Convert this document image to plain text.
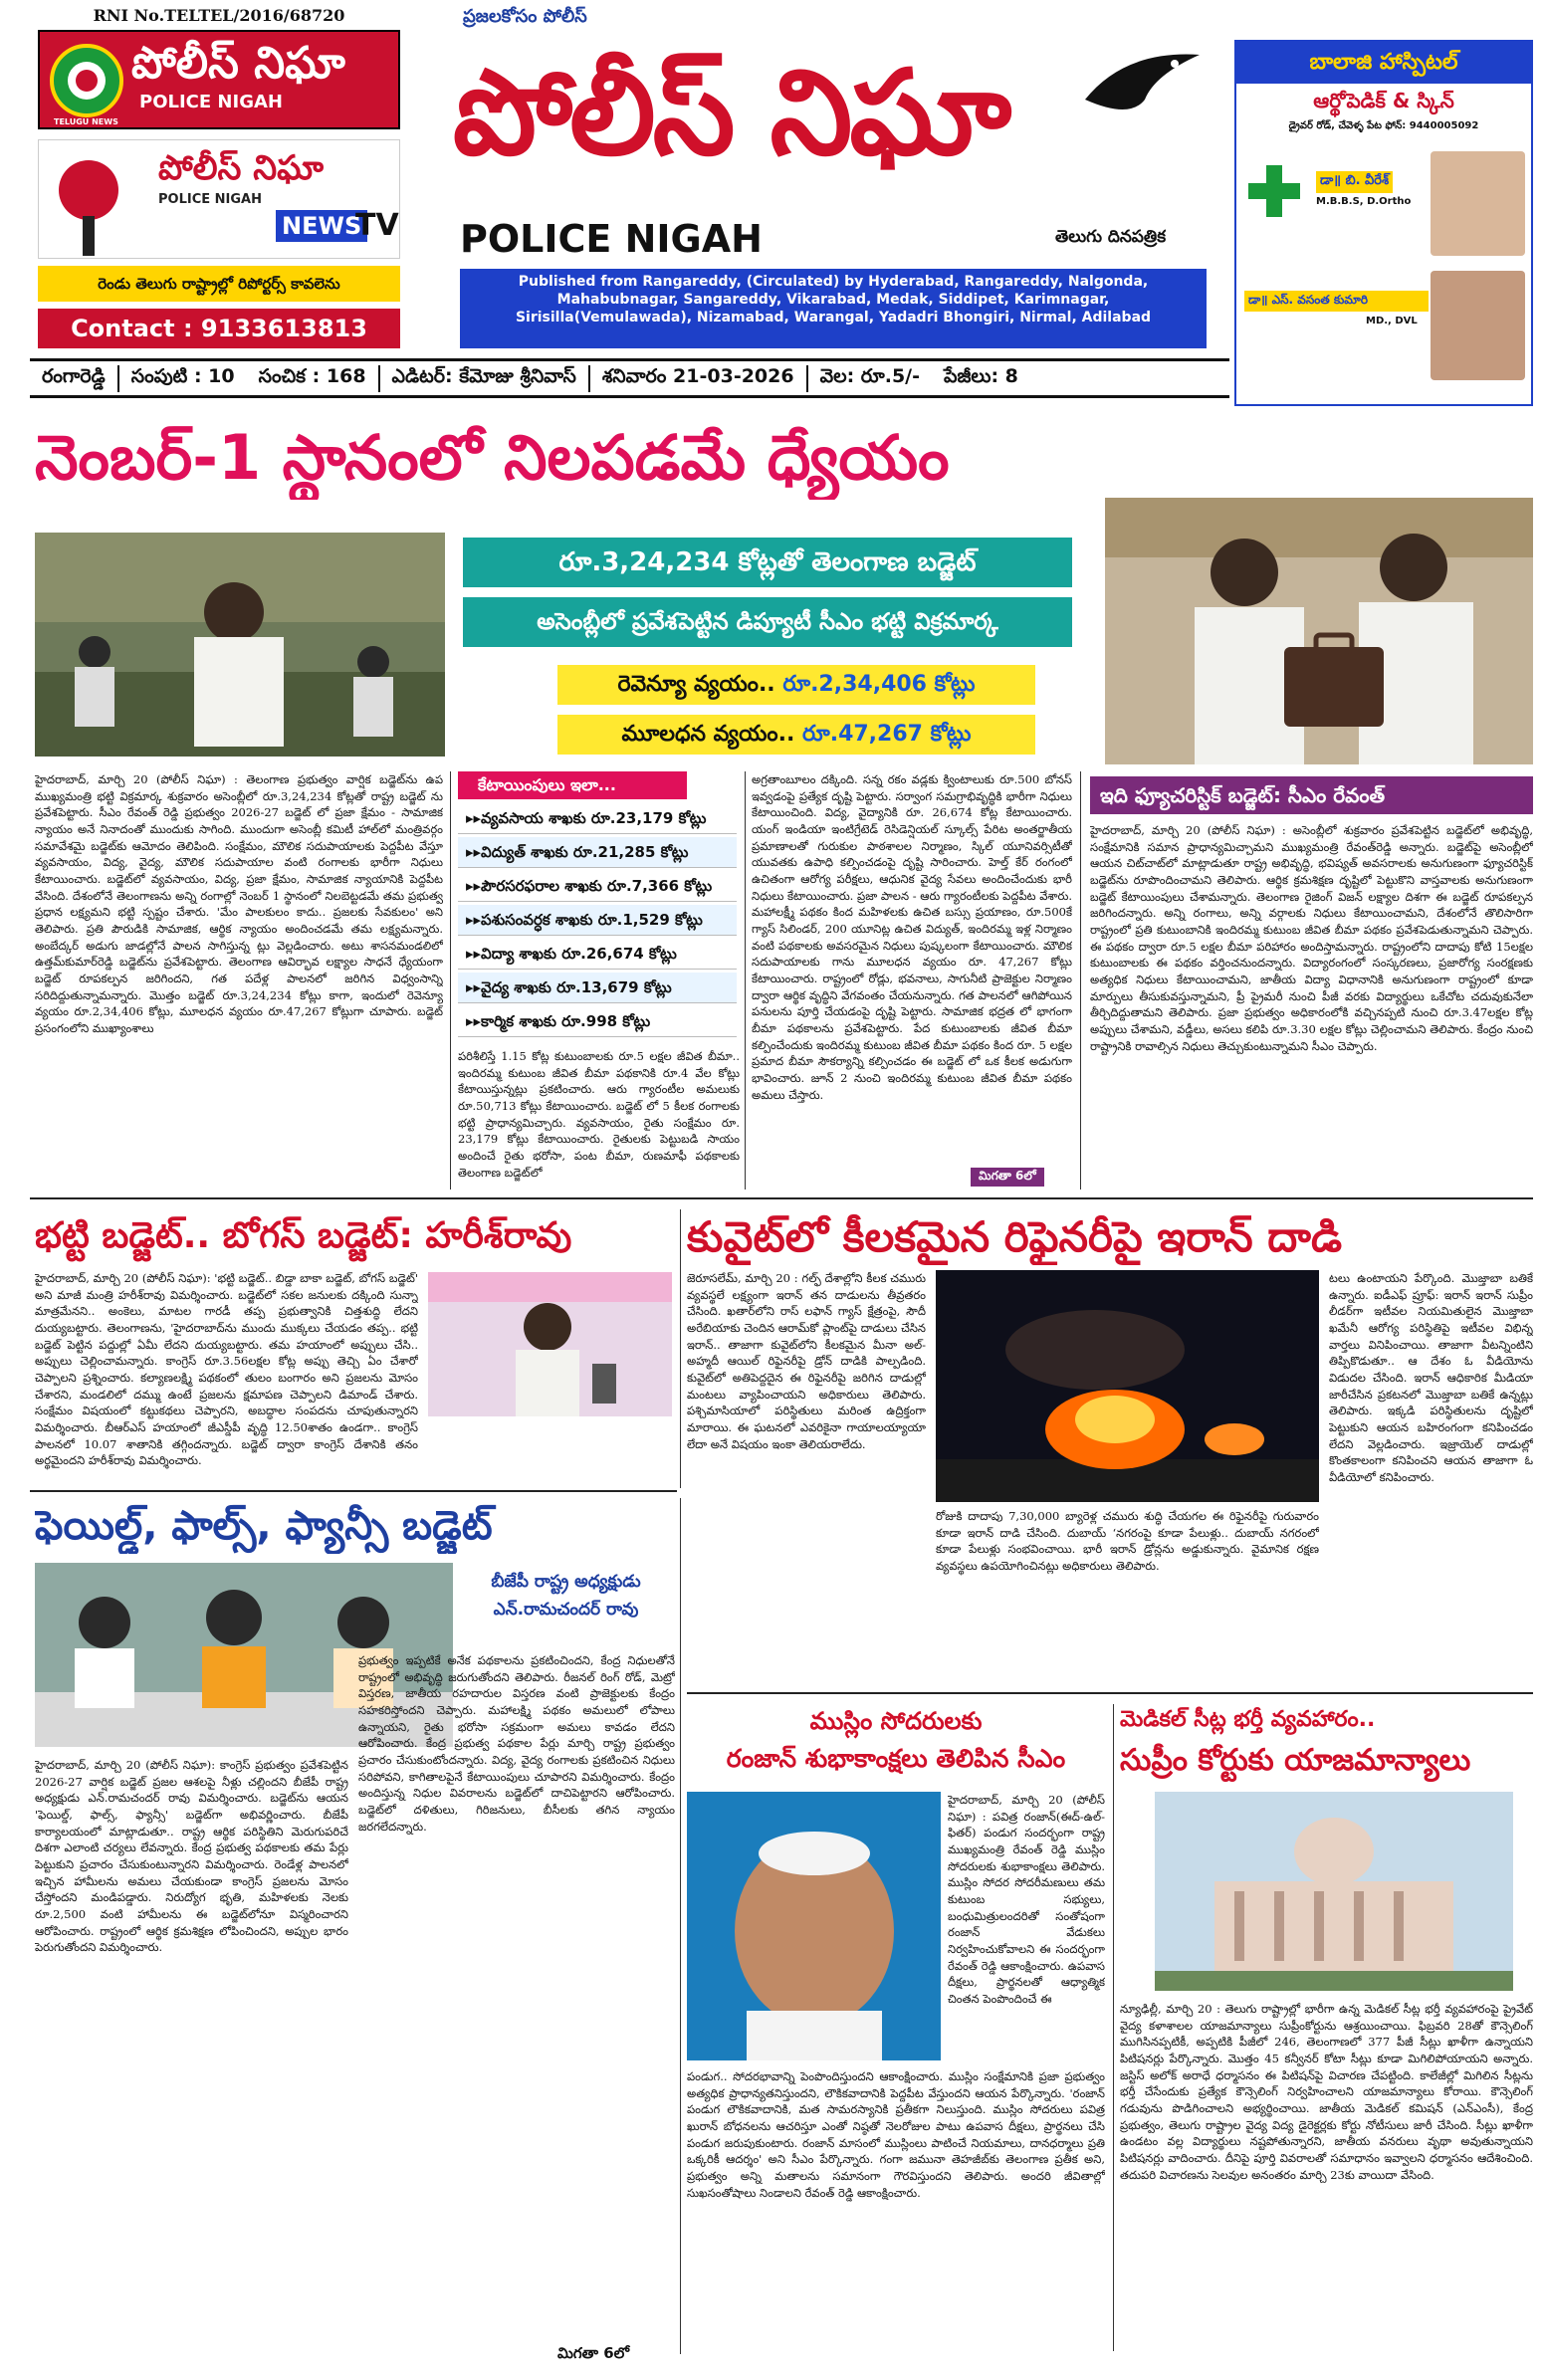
RNI No.TELTEL/2016/68720
పోలీస్ నిఘా
POLICE NIGAH
TELUGU NEWS
పోలీస్ నిఘా
POLICE NIGAH
NEWS
TV
రెండు తెలుగు రాష్ట్రాల్లో రిపోర్టర్స్ కావలెను
Contact : 9133613813
ప్రజలకోసం పోలీస్
పోలీస్ నిఘా
POLICE NIGAH	తెలుగు దినపత్రిక
Published from Rangareddy, (Circulated) by Hyderabad, Rangareddy, Nalgonda, Mahabubnagar, Sangareddy, Vikarabad, Medak, Siddipet, Karimnagar, Sirisilla(Vemulawada), Nizamabad, Warangal, Yadadri Bhongiri, Nirmal, Adilabad
బాలాజి హాస్పిటల్
ఆర్థోపెడిక్ & స్కిన్
డ్రైవర్ రోడ్, చేవెళ్ళ పేట ఫోన్: 9440005092
డా॥ బి. వీరేశ్
M.B.B.S, D.Ortho
డా॥ ఎస్. వసంత కుమారి
MD., DVL
రంగారెడ్డి	సంపుటి : 10	సంచిక : 168	ఎడిటర్: కేమోజు శ్రీనివాస్	శనివారం 21-03-2026	వెల: రూ.5/-	పేజీలు: 8
నెంబర్-1 స్థానంలో నిలపడమే ధ్యేయం
రూ.3,24,234 కోట్లతో తెలంగాణ బడ్జెట్
అసెంబ్లీలో ప్రవేశపెట్టిన డిప్యూటీ సీఎం భట్టి విక్రమార్క
రెవెన్యూ వ్యయం.. రూ.2,34,406 కోట్లు
మూలధన వ్యయం.. రూ.47,267 కోట్లు
హైదరాబాద్, మార్చి 20 (పోలీస్ నిఘా) : తెలంగాణ ప్రభుత్వం వార్షిక బడ్జెట్‌ను ఉప ముఖ్యమంత్రి భట్టి విక్రమార్క శుక్రవారం అసెంబ్లీలో రూ.3,24,234 కోట్లతో రాష్ట్ర బడ్జెట్ ను ప్రవేశపెట్టారు. సీఎం రేవంత్ రెడ్డి ప్రభుత్వం 2026-27 బడ్జెట్ లో ప్రజా క్షేమం - సామాజిక న్యాయం అనే నినాదంతో ముందుకు సాగింది. ముందుగా అసెంబ్లీ కమిటీ హాల్‌లో మంత్రివర్గం సమావేశమై బడ్జెట్‌కు ఆమోదం తెలిపింది. సంక్షేమం, మౌలిక సదుపాయాలకు పెద్దపీట వేస్తూ వ్యవసాయం, విద్య, వైద్య, మౌలిక సదుపాయాల వంటి రంగాలకు భారీగా నిధులు కేటాయించారు. బడ్జెట్‌లో వ్యవసాయం, విద్య, ప్రజా క్షేమం, సామాజిక న్యాయానికి పెద్దపీట వేసింది. దేశంలోనే తెలంగాణను అన్ని రంగాల్లో నెంబర్ 1 స్థానంలో నిలబెట్టడమే తమ ప్రభుత్వ ప్రధాన లక్ష్యమని భట్టి స్పష్టం చేశారు. 'మేం పాలకులం కాదు.. ప్రజలకు సేవకులం' అని తెలిపారు. ప్రతి పౌరుడికి సామాజిక, ఆర్థిక న్యాయం అందించడమే తమ లక్ష్యమన్నారు. అంబేద్కర్ అడుగు జాడల్లోనే పాలన సాగిస్తున్న ట్లు వెల్లడించారు. అటు శాసనమండలిలో ఉత్తమ్‌కుమార్‌రెడ్డి బడ్జెట్‌ను ప్రవేశపెట్టారు. తెలంగాణ ఆవిర్భావ లక్ష్యాల సాధనే ధ్యేయంగా బడ్జెట్ రూపకల్పన జరిగిందని, గత పదేళ్ల పాలనలో జరిగిన విధ్వంసాన్ని సరిదిద్దుతున్నామన్నారు. మొత్తం బడ్జెట్ రూ.3,24,234 కోట్లు కాగా, ఇందులో రెవెన్యూ వ్యయం రూ.2,34,406 కోట్లు, మూలధన వ్యయం రూ.47,267 కోట్లుగా చూపారు. బడ్జెట్ ప్రసంగంలోని ముఖ్యాంశాలు
కేటాయింపులు ఇలా...
▸▸వ్యవసాయ శాఖకు రూ.23,179 కోట్లు
▸▸విద్యుత్ శాఖకు రూ.21,285 కోట్లు
▸▸పౌరసరఫరాల శాఖకు రూ.7,366 కోట్లు
▸▸పశుసంవర్ధక శాఖకు రూ.1,529 కోట్లు
▸▸విద్యా శాఖకు రూ.26,674 కోట్లు
▸▸వైద్య శాఖకు రూ.13,679 కోట్లు
▸▸కార్మిక శాఖకు రూ.998 కోట్లు
పరిశీలిస్తే 1.15 కోట్ల కుటుంబాలకు రూ.5 లక్షల జీవిత బీమా.. ఇందిరమ్మ కుటుంబ జీవిత బీమా పథకానికి రూ.4 వేల కోట్లు కేటాయిస్తున్నట్లు ప్రకటించారు. ఆరు గ్యారంటీల అమలుకు రూ.50,713 కోట్లు కేటాయించారు. బడ్జెట్ లో 5 కీలక రంగాలకు భట్టి ప్రాధాన్యమిచ్చారు. వ్యవసాయం, రైతు సంక్షేమం రూ. 23,179 కోట్లు కేటాయించారు. రైతులకు పెట్టుబడి సాయం అందించే రైతు భరోసా, పంట బీమా, రుణమాఫీ పథకాలకు తెలంగాణ బడ్జెట్‌లో
అగ్రతాంబూలం దక్కింది. సన్న రకం వడ్లకు క్వింటాలుకు రూ.500 బోనస్ ఇవ్వడంపై ప్రత్యేక దృష్టి పెట్టారు. సర్వాంగ సమగ్రాభివృద్ధికి భారీగా నిధులు కేటాయించింది. విద్య, వైద్యానికి రూ. 26,674 కోట్ల కేటాయించారు. యంగ్ ఇండియా ఇంటిగ్రేటెడ్ రెసిడెన్షియల్ స్కూల్స్ పేరిట అంతర్జాతీయ ప్రమాణాలతో గురుకుల పాఠశాలల నిర్మాణం, స్కిల్ యూనివర్సిటీతో యువతకు ఉపాధి కల్పించడంపై దృష్టి సారించారు. హెల్త్ కేర్ రంగంలో ఉచితంగా ఆరోగ్య పరీక్షలు, ఆధునిక వైద్య సేవలు అందించేందుకు భారీ నిధులు కేటాయించారు. ప్రజా పాలన - ఆరు గ్యారంటీలకు పెద్దపీట వేశారు. మహాలక్ష్మీ పథకం కింద మహిళలకు ఉచిత బస్సు ప్రయాణం, రూ.500కే గ్యాస్ సిలిండర్, 200 యూనిట్ల ఉచిత విద్యుత్, ఇందిరమ్మ ఇళ్ల నిర్మాణం వంటి పథకాలకు అవసరమైన నిధులు పుష్కలంగా కేటాయించారు. మౌలిక సదుపాయాలకు గాను మూలధన వ్యయం రూ. 47,267 కోట్లు కేటాయించారు. రాష్ట్రంలో రోడ్లు, భవనాలు, సాగునీటి ప్రాజెక్టుల నిర్మాణం ద్వారా ఆర్థిక వృద్ధిని వేగవంతం చేయనున్నారు. గత పాలనలో ఆగిపోయిన పనులను పూర్తి చేయడంపై దృష్టి పెట్టారు. సామాజిక భద్రత లో భాగంగా బీమా పథకాలను ప్రవేశపెట్టారు. పేద కుటుంబాలకు జీవిత బీమా కల్పించేందుకు ఇందిరమ్మ కుటుంబ జీవిత బీమా పథకం కింద రూ. 5 లక్షల ప్రమాద బీమా సౌకర్యాన్ని కల్పించడం ఈ బడ్జెట్ లో ఒక కీలక అడుగుగా భావించారు. జూన్ 2 నుంచి ఇందిరమ్మ కుటుంబ జీవిత బీమా పథకం అమలు చేస్తారు.
మిగతా 6లో
ఇది ఫ్యూచరిస్టిక్ బడ్జెట్: సీఎం రేవంత్
హైదరాబాద్, మార్చి 20 (పోలీస్ నిఘా) : అసెంబ్లీలో శుక్రవారం ప్రవేశపెట్టిన బడ్జెట్‌లో అభివృద్ధి, సంక్షేమానికి సమాన ప్రాధాన్యమిచ్చామని ముఖ్యమంత్రి రేవంత్‌రెడ్డి అన్నారు. బడ్జెట్‌పై అసెంబ్లీలో ఆయన చిట్‌చాట్‌లో మాట్లాడుతూ రాష్ట్ర అభివృద్ధి, భవిష్యత్ అవసరాలకు అనుగుణంగా ఫ్యూచరిస్టిక్ బడ్జెట్‌ను రూపొందించామని తెలిపారు. ఆర్థిక క్రమశిక్షణ దృష్టిలో పెట్టుకొని వాస్తవాలకు అనుగుణంగా బడ్జెట్ కేటాయింపులు చేశామన్నారు. తెలంగాణ రైజింగ్ విజన్ లక్ష్యాల దిశగా ఈ బడ్జెట్ రూపకల్పన జరిగిందన్నారు. అన్ని రంగాలు, అన్ని వర్గాలకు నిధులు కేటాయించామని, దేశంలోనే తొలిసారిగా రాష్ట్రంలో ప్రతి కుటుంబానికి ఇందిరమ్మ కుటుంబ జీవిత బీమా పథకం ప్రవేశపెడుతున్నామని చెప్పారు. ఈ పథకం ద్వారా రూ.5 లక్షల బీమా పరిహారం అందిస్తామన్నారు. రాష్ట్రంలోని దాదాపు కోటి 15లక్షల కుటుంబాలకు ఈ పథకం వర్తించనుందన్నారు. విద్యారంగంలో సంస్కరణలు, ప్రజారోగ్య సంరక్షణకు అత్యధిక నిధులు కేటాయించామని, జాతీయ విద్యా విధానానికి అనుగుణంగా రాష్ట్రంలో కూడా మార్పులు తీసుకువస్తున్నామని, ప్రీ ప్రైమరీ నుంచి పీజీ వరకు విద్యార్థులు ఒకేచోట చదువుకునేలా తీర్చిదిద్దుతామని తెలిపారు. ప్రజా ప్రభుత్వం అధికారంలోకి వచ్చినప్పటి నుంచి రూ.3.47లక్షల కోట్ల అప్పులు చేశామని, వడ్డీలు, అసలు కలిపి రూ.3.30 లక్షల కోట్లు చెల్లించామని తెలిపారు. కేంద్రం నుంచి రాష్ట్రానికి రావాల్సిన నిధులు తెచ్చుకుంటున్నామని సీఎం చెప్పారు.
భట్టి బడ్జెట్.. బోగస్ బడ్జెట్: హరీశ్‌రావు
హైదరాబాద్, మార్చి 20 (పోలీస్ నిఘా): 'భట్టి బడ్జెట్.. బిడ్డా బాకా బడ్జెట్, బోగస్ బడ్జెట్' అని మాజీ మంత్రి హరీశ్‌రావు విమర్శించారు. బడ్జెట్‌లో సకల జనులకు దక్కింది సున్నా మాత్రమేనని.. అంకెలు, మాటల గారడీ తప్ప ప్రభుత్వానికి చిత్తశుద్ధి లేదని దుయ్యబట్టారు. తెలంగాణను, 'హైదరాబాద్‌ను ముందు ముక్కలు చేయడం తప్ప.. భట్టి బడ్జెట్ పెట్టిన పద్దుల్లో ఏమీ లేదని దుయ్యబట్టారు. తమ హయాంలో అప్పులు చేసి.. అప్పులు చెల్లించామన్నారు. కాంగ్రెస్ రూ.3.56లక్షల కోట్ల అప్పు తెచ్చి ఏం చేశారో చెప్పాలని ప్రశ్నించారు. కల్యాణలక్ష్మి పథకంలో తులం బంగారం అని ప్రజలను మోసం చేశారని, మండలిలో దమ్ము ఉంటే ప్రజలను క్షమాపణ చెప్పాలని డిమాండ్ చేశారు. సంక్షేమం విషయంలో కట్టుకథలు చెప్పారని, అబద్ధాల సంపదను చూపుతున్నారని విమర్శించారు. బీఆర్ఎస్ హయాంలో జీఎస్డీపీ వృద్ధి 12.50శాతం ఉండగా.. కాంగ్రెస్ పాలనలో 10.07 శాతానికి తగ్గిందన్నారు. బడ్జెట్ ద్వారా కాంగ్రెస్ దేశానికి తనం అర్థమైందని హరీశ్‌రావు విమర్శించారు.
కువైట్‌లో కీలకమైన రిఫైనరీపై ఇరాన్ దాడి
జెరూసలేమ్, మార్చి 20 : గల్ఫ్ దేశాల్లోని కీలక చమురు వ్యవస్థలే లక్ష్యంగా ఇరాన్ తన దాడులను తీవ్రతరం చేసింది. ఖతార్‌లోని రాస్ లఫాన్ గ్యాస్ క్షేత్రంపై, సౌదీ అరేబియాకు చెందిన ఆరామ్‌కో ప్లాంట్‌పై దాడులు చేసిన ఇరాన్.. తాజాగా కువైట్‌లోని కీలకమైన మీనా అల్- అహ్మదీ ఆయిల్ రిఫైనరీపై డ్రోన్ దాడికి పాల్పడింది. కువైట్‌లో అతిపెద్దదైన ఈ రిఫైనరీపై జరిగిన దాడుల్లో మంటలు వ్యాపించాయని అధికారులు తెలిపారు. పశ్చిమాసియాలో పరిస్థితులు మరింత ఉద్రిక్తంగా మారాయి. ఈ ఘటనలో ఎవరికైనా గాయాలయ్యాయా లేదా అనే విషయం ఇంకా తెలియరాలేదు.
రోజుకి దాదాపు 7,30,000 బ్యారెళ్ల చమురు శుద్ధి చేయగల ఈ రిఫైనరీపై గురువారం కూడా ఇరాన్ దాడి చేసింది. దుబాయ్ ‘నగరంపై కూడా పేలుళ్లు.. దుబాయ్ నగరంలో కూడా పేలుళ్లు సంభవించాయి. భారీ ఇరాన్ డ్రోన్లను అడ్డుకున్నారు. వైమానిక రక్షణ వ్యవస్థలు ఉపయోగించినట్లు అధికారులు తెలిపారు.
టలు ఉంటాయని పేర్కొంది. మొజ్తాబా బతికే ఉన్నారు. ఐడీఎఫ్ ప్రూఫ్: ఇరాన్ ఇరాన్ సుప్రీం లీడర్‌గా ఇటీవల నియమితులైన మొజ్తాబా ఖమేనీ ఆరోగ్య పరిస్థితిపై ఇటీవల విభిన్న వార్తలు వినిపించాయి. తాజాగా వీటన్నింటిని తిప్పికొడుతూ.. ఆ దేశం ఓ వీడియోను విడుదల చేసింది. ఇరాన్ ఆధికారిక మీడియా జారీచేసిన ప్రకటనలో మొజ్తాబా బతికే ఉన్నట్లు తెలిపారు. ఇక్కడి పరిస్థితులను దృష్టిలో పెట్టుకుని ఆయన బహిరంగంగా కనిపించడం లేదని వెల్లడించారు. ఇజ్రాయెల్ దాడుల్లో కొంతకాలంగా కనిపించని ఆయన తాజాగా ఓ వీడియోలో కనిపించారు.
ఫెయిల్డ్, ఫాల్స్, ఫ్యాన్సీ బడ్జెట్
బీజేపీ రాష్ట్ర అధ్యక్షుడు
ఎన్.రామచందర్ రావు
హైదరాబాద్, మార్చి 20 (పోలీస్ నిఘా): కాంగ్రెస్ ప్రభుత్వం ప్రవేశపెట్టిన 2026-27 వార్షిక బడ్జెట్ ప్రజల ఆశలపై నీళ్లు చల్లిందని బీజేపీ రాష్ట్ర అధ్యక్షుడు ఎన్.రామచందర్ రావు విమర్శించారు. బడ్జెట్‌ను ఆయన 'ఫెయిల్డ్, ఫాల్స్, ఫ్యాన్సీ' బడ్జెట్‌గా అభివర్ణించారు. బీజేపీ కార్యాలయంలో మాట్లాడుతూ.. రాష్ట్ర ఆర్థిక పరిస్థితిని మెరుగుపరిచే దిశగా ఎలాంటి చర్యలు లేవన్నారు. కేంద్ర ప్రభుత్వ పథకాలకు తమ పేర్లు పెట్టుకుని ప్రచారం చేసుకుంటున్నారని విమర్శించారు. రెండేళ్ల పాలనలో ఇచ్చిన హామీలను అమలు చేయకుండా కాంగ్రెస్ ప్రజలను మోసం చేస్తోందని మండిపడ్డారు. నిరుద్యోగ భృతి, మహిళలకు నెలకు రూ.2,500 వంటి హామీలను ఈ బడ్జెట్‌లోనూ విస్మరించారని ఆరోపించారు. రాష్ట్రంలో ఆర్థిక క్రమశిక్షణ లోపించిందని, అప్పుల భారం పెరుగుతోందని విమర్శించారు.
ప్రభుత్వం ఇప్పటికే అనేక పథకాలను ప్రకటించిందని, కేంద్ర నిధులతోనే రాష్ట్రంలో అభివృద్ధి జరుగుతోందని తెలిపారు. రీజనల్ రింగ్ రోడ్, మెట్రో విస్తరణ, జాతీయ రహదారుల విస్తరణ వంటి ప్రాజెక్టులకు కేంద్రం సహకరిస్తోందని చెప్పారు. మహాలక్ష్మి పథకం అమలులో లోపాలు ఉన్నాయని, రైతు భరోసా సక్రమంగా అమలు కావడం లేదని ఆరోపించారు. కేంద్ర ప్రభుత్వ పథకాల పేర్లు మార్చి రాష్ట్ర ప్రభుత్వం ప్రచారం చేసుకుంటోందన్నారు. విద్య, వైద్య రంగాలకు ప్రకటించిన నిధులు సరిపోవని, కాగితాలపైనే కేటాయింపులు చూపారని విమర్శించారు. కేంద్రం అందిస్తున్న నిధుల వివరాలను బడ్జెట్‌లో దాచిపెట్టారని ఆరోపించారు. బడ్జెట్‌లో దళితులు, గిరిజనులు, బీసీలకు తగిన న్యాయం జరగలేదన్నారు.
మిగతా 6లో
ముస్లిం సోదరులకు
రంజాన్ శుభాకాంక్షలు తెలిపిన సీఎం
హైదరాబాద్, మార్చి 20 (పోలీస్ నిఘా) : పవిత్ర రంజాన్(ఈద్-ఉల్-ఫితర్) పండుగ సందర్భంగా రాష్ట్ర ముఖ్యమంత్రి రేవంత్ రెడ్డి ముస్లిం సోదరులకు శుభాకాంక్షలు తెలిపారు. ముస్లిం సోదర సోదరీమణులు తమ కుటుంబ సభ్యులు, బంధుమిత్రులందరితో సంతోషంగా రంజాన్ వేడుకలు నిర్వహించుకోవాలని ఈ సందర్భంగా రేవంత్ రెడ్డి ఆకాంక్షించారు. ఉపవాస దీక్షలు, ప్రార్థనలతో ఆధ్యాత్మిక చింతన పెంపొందించే ఈ
పండుగ.. సోదరభావాన్ని పెంపొందిస్తుందని ఆకాంక్షించారు. ముస్లిం సంక్షేమానికి ప్రజా ప్రభుత్వం అత్యధిక ప్రాధాన్యతనిస్తుందని, లౌకికవాదానికి పెద్దపీట వేస్తుందని ఆయన పేర్కొన్నారు. 'రంజాన్ పండుగ లౌకికవాదానికి, మత సామరస్యానికి ప్రతీకగా నిలుస్తుంది. ముస్లిం సోదరులు పవిత్ర ఖురాన్ బోధనలను ఆచరిస్తూ ఎంతో నిష్ఠతో నెలరోజుల పాటు ఉపవాస దీక్షలు, ప్రార్థనలు చేసి పండుగ జరుపుకుంటారు. రంజాన్ మాసంలో ముస్లింలు పాటించే నియమాలు, దానధర్మాలు ప్రతి ఒక్కరికీ ఆదర్శం' అని సీఎం పేర్కొన్నారు. గంగా జమునా తెహజీబ్‌కు తెలంగాణ ప్రతీక అని, ప్రభుత్వం అన్ని మతాలను సమానంగా గౌరవిస్తుందని తెలిపారు. అందరి జీవితాల్లో సుఖసంతోషాలు నిండాలని రేవంత్ రెడ్డి ఆకాంక్షించారు.
మెడికల్ సీట్ల భర్తీ వ్యవహారం..
సుప్రీం కోర్టుకు యాజమాన్యాలు
న్యూఢిల్లీ, మార్చి 20 : తెలుగు రాష్ట్రాల్లో భారీగా ఉన్న మెడికల్ సీట్ల భర్తీ వ్యవహారంపై ప్రైవేట్ వైద్య కళాశాలల యాజమాన్యాలు సుప్రీంకోర్టును ఆశ్రయించాయి. ఫిబ్రవరి 28తో కౌన్సెలింగ్ ముగిసినప్పటికీ, అప్పటికి పీజీలో 246, తెలంగాణలో 377 పీజీ సీట్లు ఖాళీగా ఉన్నాయని పిటిషనర్లు పేర్కొన్నారు. మొత్తం 45 కన్వీనర్ కోటా సీట్లు కూడా మిగిలిపోయాయని అన్నారు. జస్టిస్ అలోక్ అరాధే ధర్మాసనం ఈ పిటిషన్‌పై విచారణ చేపట్టింది. కాలేజీల్లో మిగిలిన సీట్లను భర్తీ చేసేందుకు ప్రత్యేక కౌన్సెలింగ్ నిర్వహించాలని యాజమాన్యాలు కోరాయి. కౌన్సెలింగ్ గడువును పొడిగించాలని అభ్యర్థించాయి. జాతీయ మెడికల్ కమిషన్ (ఎన్‌ఎంసీ), కేంద్ర ప్రభుత్వం, తెలుగు రాష్ట్రాల వైద్య విద్య డైరెక్టర్లకు కోర్టు నోటీసులు జారీ చేసింది. సీట్లు ఖాళీగా ఉండటం వల్ల విద్యార్థులు నష్టపోతున్నారని, జాతీయ వనరులు వృథా అవుతున్నాయని పిటిషనర్లు వాదించారు. దీనిపై పూర్తి వివరాలతో సమాధానం ఇవ్వాలని ధర్మాసనం ఆదేశించింది. తదుపరి విచారణను సెలవుల అనంతరం మార్చి 23కు వాయిదా వేసింది.
